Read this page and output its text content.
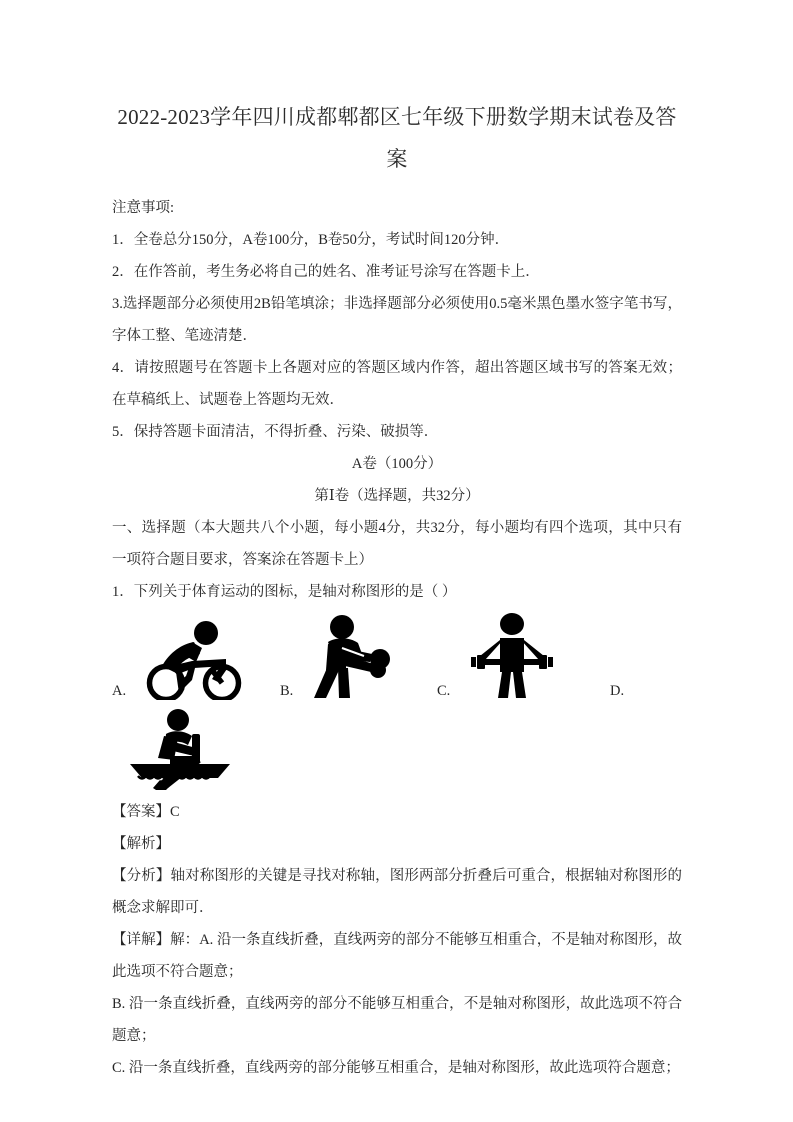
2022-2023学年四川成都郫都区七年级下册数学期末试卷及答案

注意事项:

1．全卷总分150分，A卷100分，B卷50分，考试时间120分钟．

2．在作答前，考生务必将自己的姓名、准考证号涂写在答题卡上．

3.选择题部分必须使用2B铅笔填涂；非选择题部分必须使用0.5毫米黑色墨水签字笔书写，字体工整、笔迹清楚．

4．请按照题号在答题卡上各题对应的答题区域内作答，超出答题区域书写的答案无效；在草稿纸上、试题卷上答题均无效．

5．保持答题卡面清洁，不得折叠、污染、破损等．

A卷（100分）

第Ⅰ卷（选择题，共32分）

一、选择题（本大题共八个小题，每小题4分，共32分，每小题均有四个选项，其中只有一项符合题目要求，答案涂在答题卡上）

1．下列关于体育运动的图标，是轴对称图形的是（ ）

A.	B.	C.	D.

【答案】C

【解析】

【分析】轴对称图形的关键是寻找对称轴，图形两部分折叠后可重合，根据轴对称图形的概念求解即可．

【详解】解：A. 沿一条直线折叠，直线两旁的部分不能够互相重合，不是轴对称图形，故此选项不符合题意；

B. 沿一条直线折叠，直线两旁的部分不能够互相重合，不是轴对称图形，故此选项不符合题意；

C. 沿一条直线折叠，直线两旁的部分能够互相重合，是轴对称图形，故此选项符合题意；
